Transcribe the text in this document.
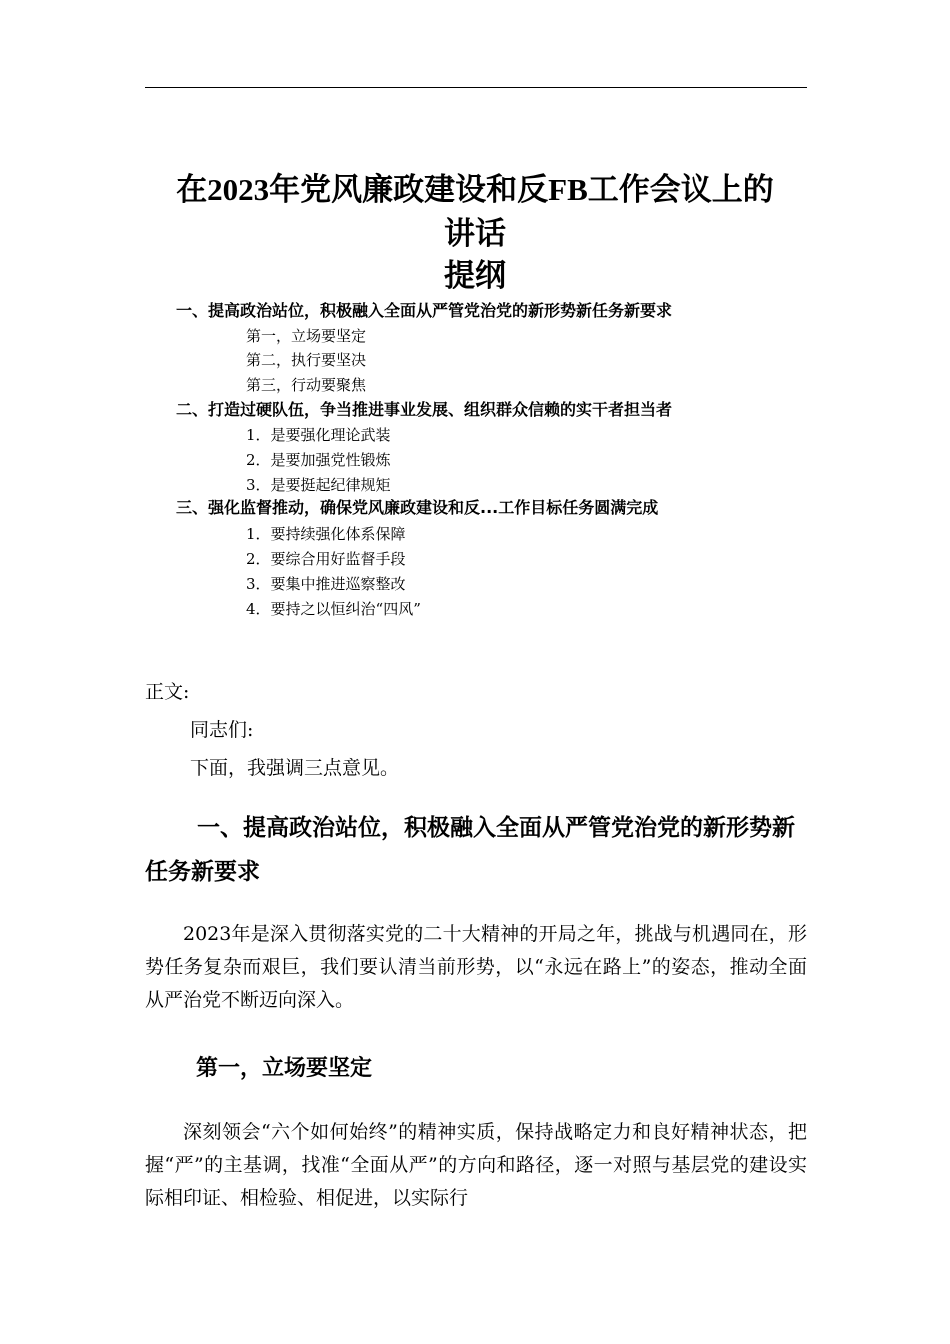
在2023年党风廉政建设和反FB工作会议上的
讲话
提纲
一、提高政治站位，积极融入全面从严管党治党的新形势新任务新要求
第一，立场要坚定
第二，执行要坚决
第三，行动要聚焦
二、打造过硬队伍，争当推进事业发展、组织群众信赖的实干者担当者
1．是要强化理论武装
2．是要加强党性锻炼
3．是要挺起纪律规矩
三、强化监督推动，确保党风廉政建设和反...工作目标任务圆满完成
1．要持续强化体系保障
2．要综合用好监督手段
3．要集中推进巡察整改
4．要持之以恒纠治“四风”
正文:
同志们:
下面，我强调三点意见。
一、提高政治站位，积极融入全面从严管党治党的新形势新任务新要求
2023年是深入贯彻落实党的二十大精神的开局之年，挑战与机遇同在，形势任务复杂而艰巨，我们要认清当前形势，以“永远在路上”的姿态，推动全面从严治党不断迈向深入。
第一，立场要坚定
深刻领会“六个如何始终”的精神实质，保持战略定力和良好精神状态，把握“严”的主基调，找准“全面从严”的方向和路径，逐一对照与基层党的建设实际相印证、相检验、相促进，以实际行
